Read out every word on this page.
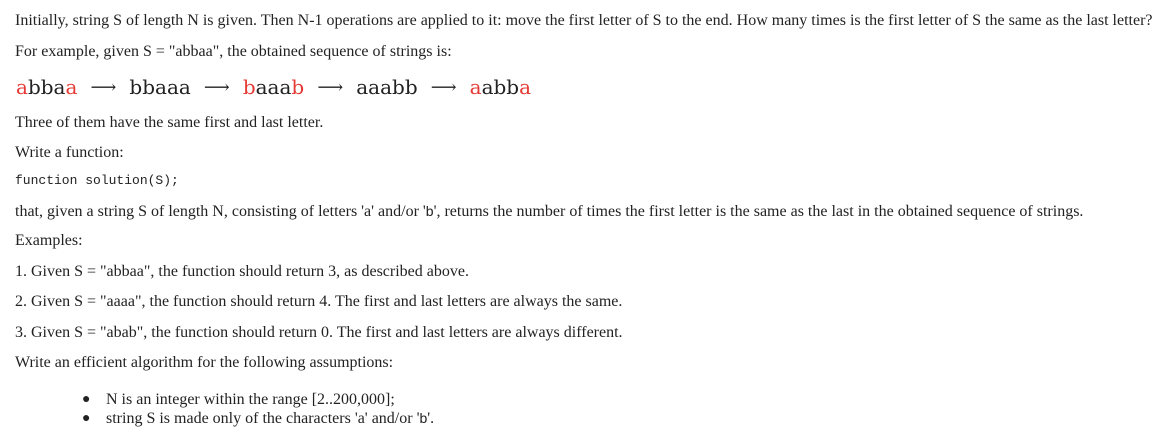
Initially, string S of length N is given. Then N-1 operations are applied to it: move the first letter of S to the end. How many times is the first letter of S the same as the last letter?
For example, given S = "abbaa", the obtained sequence of strings is:
abbaa ⟶ bbaaa ⟶ baaab ⟶ aaabb ⟶ aabba
Three of them have the same first and last letter.
Write a function:
function solution(S);
that, given a string S of length N, consisting of letters 'a' and/or 'b', returns the number of times the first letter is the same as the last in the obtained sequence of strings.
Examples:
1. Given S = "abbaa", the function should return 3, as described above.
2. Given S = "aaaa", the function should return 4. The first and last letters are always the same.
3. Given S = "abab", the function should return 0. The first and last letters are always different.
Write an efficient algorithm for the following assumptions:
● N is an integer within the range [2..200,000];
● string S is made only of the characters 'a' and/or 'b'.
